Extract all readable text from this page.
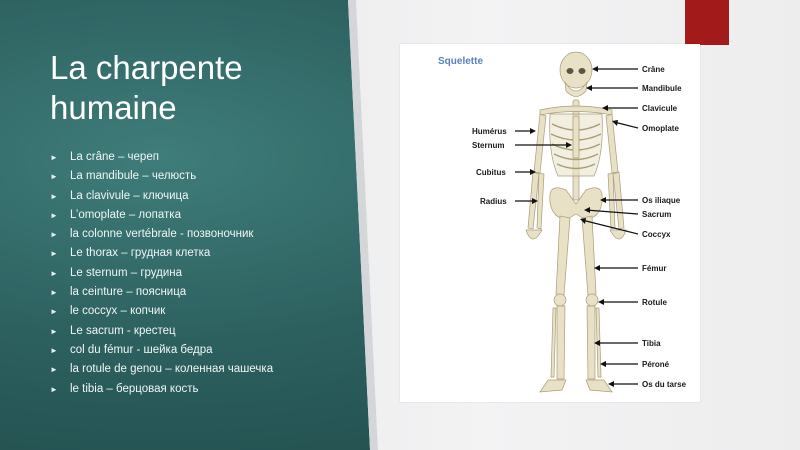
La charpente
humaine
► La crâne – череп
► La mandibule – челюсть
► La clavivule – ключица
► L’omoplate – лопатка
► la colonne vertébrale - позвоночник
► Le thorax – грудная клетка
► Le sternum – грудина
► la ceinture – поясница
► le coccyx – копчик
► Le sacrum - крестец
► col du fémur - шейка бедра
► la rotule de genou – коленная чашечка
► le tibia – берцовая кость
Squelette
Crâne
Mandibule
Clavicule
Omoplate
Os iliaque
Sacrum
Coccyx
Fémur
Rotule
Tibia
Péroné
Os du tarse
Humérus
Sternum
Cubitus
Radius
